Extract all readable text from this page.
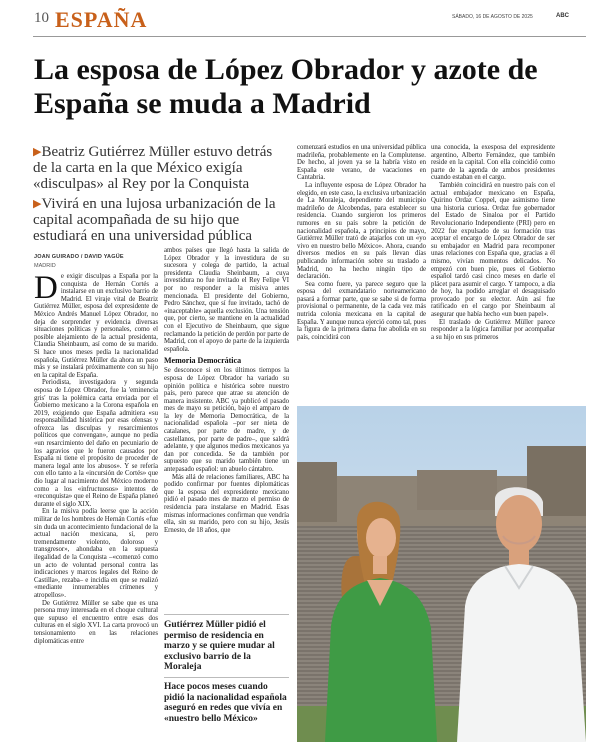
10 ESPAÑA	SÁBADO, 16 DE AGOSTO DE 2025	ABC
La esposa de López Obrador y azote de España se muda a Madrid
▶Beatriz Gutiérrez Müller estuvo detrás de la carta en la que México exigía «disculpas» al Rey por la Conquista
▶Vivirá en una lujosa urbanización de la capital acompañada de su hijo que estudiará en una universidad pública
JOAN GUIRADO / DAVID YAGÜE
MADRID
D e exigir disculpas a España por la conquista de Hernán Cortés a instalarse en un exclusivo barrio de Madrid. El viraje vital de Beatriz Gutiérrez Müller, esposa del expresidente de México Andrés Manuel López Obrador, no deja de sorprender y evidencia diversas situaciones políticas y personales, como el posible alejamiento de la actual presidenta, Claudia Sheinbaum, así como de su marido. Si hace unos meses pedía la nacionalidad española, Gutiérrez Müller da ahora un paso más y se instalará próximamente con su hijo en la capital de España.

Periodista, investigadora y segunda esposa de López Obrador, fue la 'eminencia gris' tras la polémica carta enviada por el Gobierno mexicano a la Corona española en 2019, exigiendo que España admitiera «su responsabilidad histórica por esas ofensas y ofrezca las disculpas y resarcimientos políticos que convengan», aunque no pedía «un resarcimiento del daño en pecuniario de los agravios que le fueron causados por España ni tiene el propósito de proceder de manera legal ante los abusos». Y se refería con ello tanto a la «incursión de Cortés» que dio lugar al nacimiento del México moderno como a los «infructuosos» intentos de «reconquista» que el Reino de España planeó durante el siglo XIX.

En la misiva podía leerse que la acción militar de los hombres de Hernán Cortés «fue sin duda un acontecimiento fundacional de la actual nación mexicana, sí, pero tremendamente violento, doloroso y transgresor», ahondaba en la supuesta ilegalidad de la Conquista –«comenzó como un acto de voluntad personal contra las indicaciones y marcos legales del Reino de Castilla», rezaba– e incidía en que se realizó «mediante innumerables crímenes y atropellos».

De Gutiérrez Müller se sabe que es una persona muy interesada en el choque cultural que supuso el encuentro entre esas dos culturas en el siglo XVI. La carta provocó un tensionamiento en las relaciones diplomáticas entre

ambos países que llegó hasta la salida de López Obrador y la investidura de su sucesora y colega de partido, la actual presidenta Claudia Sheinbaum, a cuya investidura no fue invitado el Rey Felipe VI por no responder a la misiva antes mencionada. El presidente del Gobierno, Pedro Sánchez, que sí fue invitado, tachó de «inaceptable» aquella exclusión. Una tensión que, por cierto, se mantiene en la actualidad con el Ejecutivo de Sheinbaum, que sigue reclamando la petición de perdón por parte de Madrid, con el apoyo de parte de la izquierda española.

Memoria Democrática

Se desconoce si en los últimos tiempos la esposa de López Obrador ha variado su opinión política e histórica sobre nuestro país, pero parece que atrae su atención de manera insistente. ABC ya publicó el pasado mes de mayo su petición, bajo el amparo de la ley de Memoria Democrática, de la nacionalidad española –por ser nieta de catalanes, por parte de madre, y de castellanos, por parte de padre–, que saldrá adelante, y que algunos medios mexicanos ya dan por concedida. Se da también por supuesto que su marido también tiene un antepasado español: un abuelo cántabro.

Más allá de relaciones familiares, ABC ha podido confirmar por fuentes diplomáticas que la esposa del expresidente mexicano pidió el pasado mes de marzo el permiso de residencia para instalarse en Madrid. Esas mismas informaciones confirman que vendría ella, sin su marido, pero con su hijo, Jesús Ernesto, de 18 años, que

Gutiérrez Müller pidió el permiso de residencia en marzo y se quiere mudar al exclusivo barrio de la Moraleja
Hace pocos meses cuando pidió la nacionalidad española aseguró en redes que vivía en «nuestro bello México»

comenzará estudios en una universidad pública madrileña, probablemente en la Complutense. De hecho, al joven ya se la habría visto en España este verano, de vacaciones en Cantabria.

La influyente esposa de López Obrador ha elegido, en este caso, la exclusiva urbanización de La Moraleja, dependiente del municipio madrileño de Alcobendas, para establecer su residencia. Cuando surgieron los primeros rumores en su país sobre la petición de nacionalidad española, a principios de mayo, Gutiérrez Müller trató de atajarlos con un «yo vivo en nuestro bello México». Ahora, cuando diversos medios en su país llevan días publicando información sobre su traslado a Madrid, no ha hecho ningún tipo de declaración.

Sea como fuere, ya parece seguro que la esposa del exmandatario norteamericano pasará a formar parte, que se sabe si de forma provisional o permanente, de la cada vez más nutrida colonia mexicana en la capital de España. Y aunque nunca ejerció como tal, pues la figura de la primera dama fue abolida en su país, coincidirá con

una conocida, la exesposa del expresidente argentino, Alberto Fernández, que también reside en la capital. Con ella coincidió como parte de la agenda de ambos presidentes cuando estaban en el cargo.

También coincidirá en nuestro país con el actual embajador mexicano en España, Quirino Ordaz Coppel, que asimismo tiene una historia curiosa. Ordaz fue gobernador del Estado de Sinaloa por el Partido Revolucionario Independiente (PRI) pero en 2022 fue expulsado de su formación tras aceptar el encargo de López Obrador de ser su embajador en Madrid para recomponer unas relaciones con España que, gracias a él mismo, vivían momentos delicados. No empezó con buen pie, pues el Gobierno español tardó casi cinco meses en darle el plácet para asumir el cargo. Y tampoco, a día de hoy, ha podido arreglar el desaguisado provocado por su elector. Aún así fue ratificado en el cargo por Sheinbaum al asegurar que había hecho «un buen papel».

El traslado de Gutiérrez Müller parece responder a la lógica familiar por acompañar a su hijo en sus primeros
